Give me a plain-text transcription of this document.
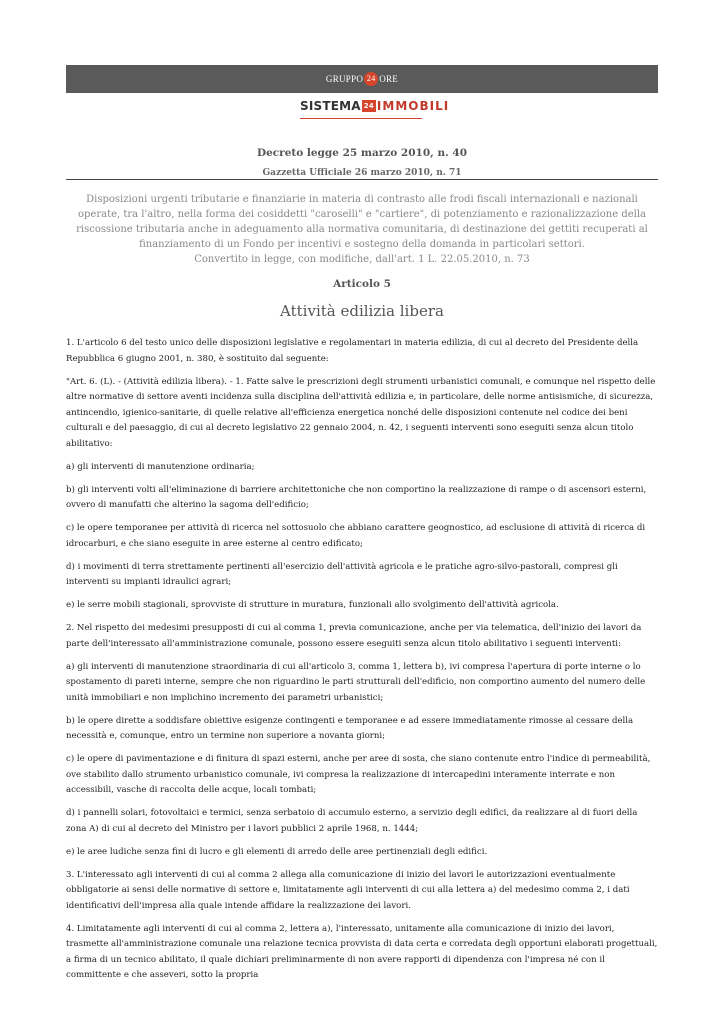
GRUPPO 24 ORE
SISTEMA 24 IMMOBILI
Decreto legge 25 marzo 2010, n. 40
Gazzetta Ufficiale 26 marzo 2010, n. 71
Disposizioni urgenti tributarie e finanziarie in materia di contrasto alle frodi fiscali internazionali e nazionali operate, tra l'altro, nella forma dei cosiddetti "caroselli" e "cartiere", di potenziamento e razionalizzazione della riscossione tributaria anche in adeguamento alla normativa comunitaria, di destinazione dei gettiti recuperati al finanziamento di un Fondo per incentivi e sostegno della domanda in particolari settori.
Convertito in legge, con modifiche, dall'art. 1 L. 22.05.2010, n. 73
Articolo 5
Attività edilizia libera

1. L'articolo 6 del testo unico delle disposizioni legislative e regolamentari in materia edilizia, di cui al decreto del Presidente della Repubblica 6 giugno 2001, n. 380, è sostituito dal seguente:

"Art. 6. (L). - (Attività edilizia libera). - 1. Fatte salve le prescrizioni degli strumenti urbanistici comunali, e comunque nel rispetto delle altre normative di settore aventi incidenza sulla disciplina dell'attività edilizia e, in particolare, delle norme antisismiche, di sicurezza, antincendio, igienico-sanitarie, di quelle relative all'efficienza energetica nonché delle disposizioni contenute nel codice dei beni culturali e del paesaggio, di cui al decreto legislativo 22 gennaio 2004, n. 42, i seguenti interventi sono eseguiti senza alcun titolo abilitativo:

a) gli interventi di manutenzione ordinaria;

b) gli interventi volti all'eliminazione di barriere architettoniche che non comportino la realizzazione di rampe o di ascensori esterni, ovvero di manufatti che alterino la sagoma dell'edificio;

c) le opere temporanee per attività di ricerca nel sottosuolo che abbiano carattere geognostico, ad esclusione di attività di ricerca di idrocarburi, e che siano eseguite in aree esterne al centro edificato;

d) i movimenti di terra strettamente pertinenti all'esercizio dell'attività agricola e le pratiche agro-silvo-pastorali, compresi gli interventi su impianti idraulici agrari;

e) le serre mobili stagionali, sprovviste di strutture in muratura, funzionali allo svolgimento dell'attività agricola.

2. Nel rispetto dei medesimi presupposti di cui al comma 1, previa comunicazione, anche per via telematica, dell'inizio dei lavori da parte dell'interessato all'amministrazione comunale, possono essere eseguiti senza alcun titolo abilitativo i seguenti interventi:

a) gli interventi di manutenzione straordinaria di cui all'articolo 3, comma 1, lettera b), ivi compresa l'apertura di porte interne o lo spostamento di pareti interne, sempre che non riguardino le parti strutturali dell'edificio, non comportino aumento del numero delle unità immobiliari e non implichino incremento dei parametri urbanistici;

b) le opere dirette a soddisfare obiettive esigenze contingenti e temporanee e ad essere immediatamente rimosse al cessare della necessità e, comunque, entro un termine non superiore a novanta giorni;

c) le opere di pavimentazione e di finitura di spazi esterni, anche per aree di sosta, che siano contenute entro l'indice di permeabilità, ove stabilito dallo strumento urbanistico comunale, ivi compresa la realizzazione di intercapedini interamente interrate e non accessibili, vasche di raccolta delle acque, locali tombati;

d) i pannelli solari, fotovoltaici e termici, senza serbatoio di accumulo esterno, a servizio degli edifici, da realizzare al di fuori della zona A) di cui al decreto del Ministro per i lavori pubblici 2 aprile 1968, n. 1444;

e) le aree ludiche senza fini di lucro e gli elementi di arredo delle aree pertinenziali degli edifici.

3. L'interessato agli interventi di cui al comma 2 allega alla comunicazione di inizio dei lavori le autorizzazioni eventualmente obbligatorie ai sensi delle normative di settore e, limitatamente agli interventi di cui alla lettera a) del medesimo comma 2, i dati identificativi dell'impresa alla quale intende affidare la realizzazione dei lavori.

4. Limitatamente agli interventi di cui al comma 2, lettera a), l'interessato, unitamente alla comunicazione di inizio dei lavori, trasmette all'amministrazione comunale una relazione tecnica provvista di data certa e corredata degli opportuni elaborati progettuali, a firma di un tecnico abilitato, il quale dichiari preliminarmente di non avere rapporti di dipendenza con l'impresa né con il committente e che asseveri, sotto la propria
